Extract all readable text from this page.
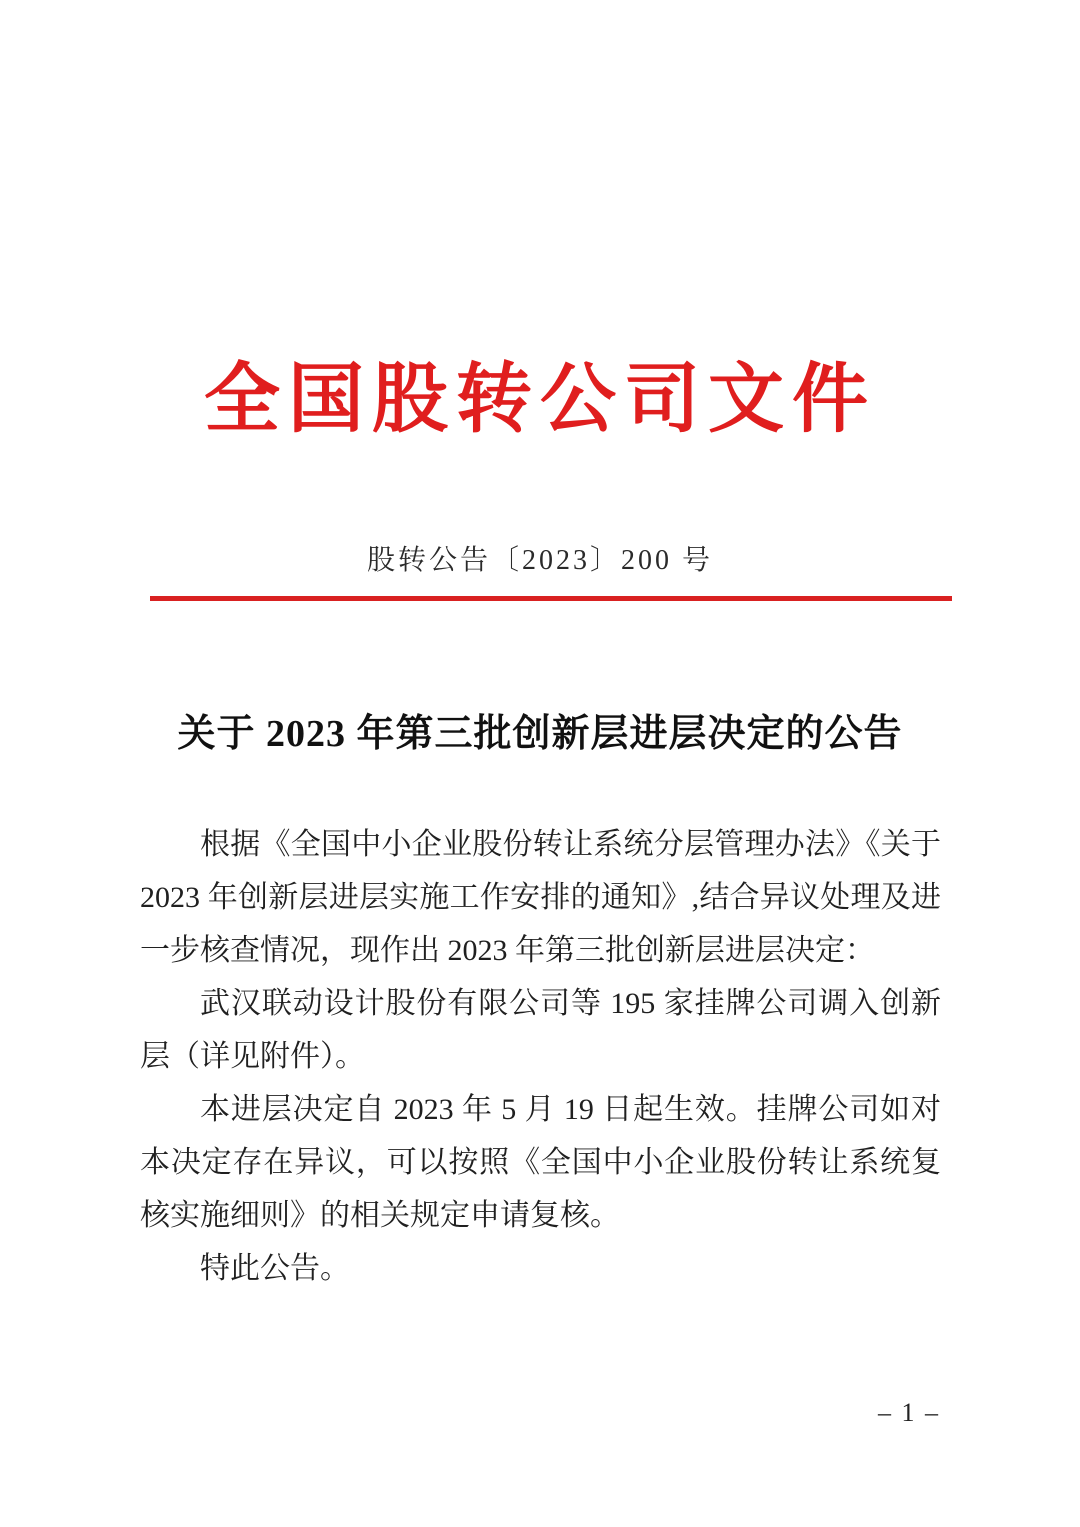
全国股转公司文件
股转公告〔2023〕200 号
关于 2023 年第三批创新层进层决定的公告

根据《全国中小企业股份转让系统分层管理办法》《关于 2023 年创新层进层实施工作安排的通知》,结合异议处理及进一步核查情况，现作出 2023 年第三批创新层进层决定：

武汉联动设计股份有限公司等 195 家挂牌公司调入创新层（详见附件）。

本进层决定自 2023 年 5 月 19 日起生效。挂牌公司如对本决定存在异议，可以按照《全国中小企业股份转让系统复核实施细则》的相关规定申请复核。

特此公告。

– 1 –
